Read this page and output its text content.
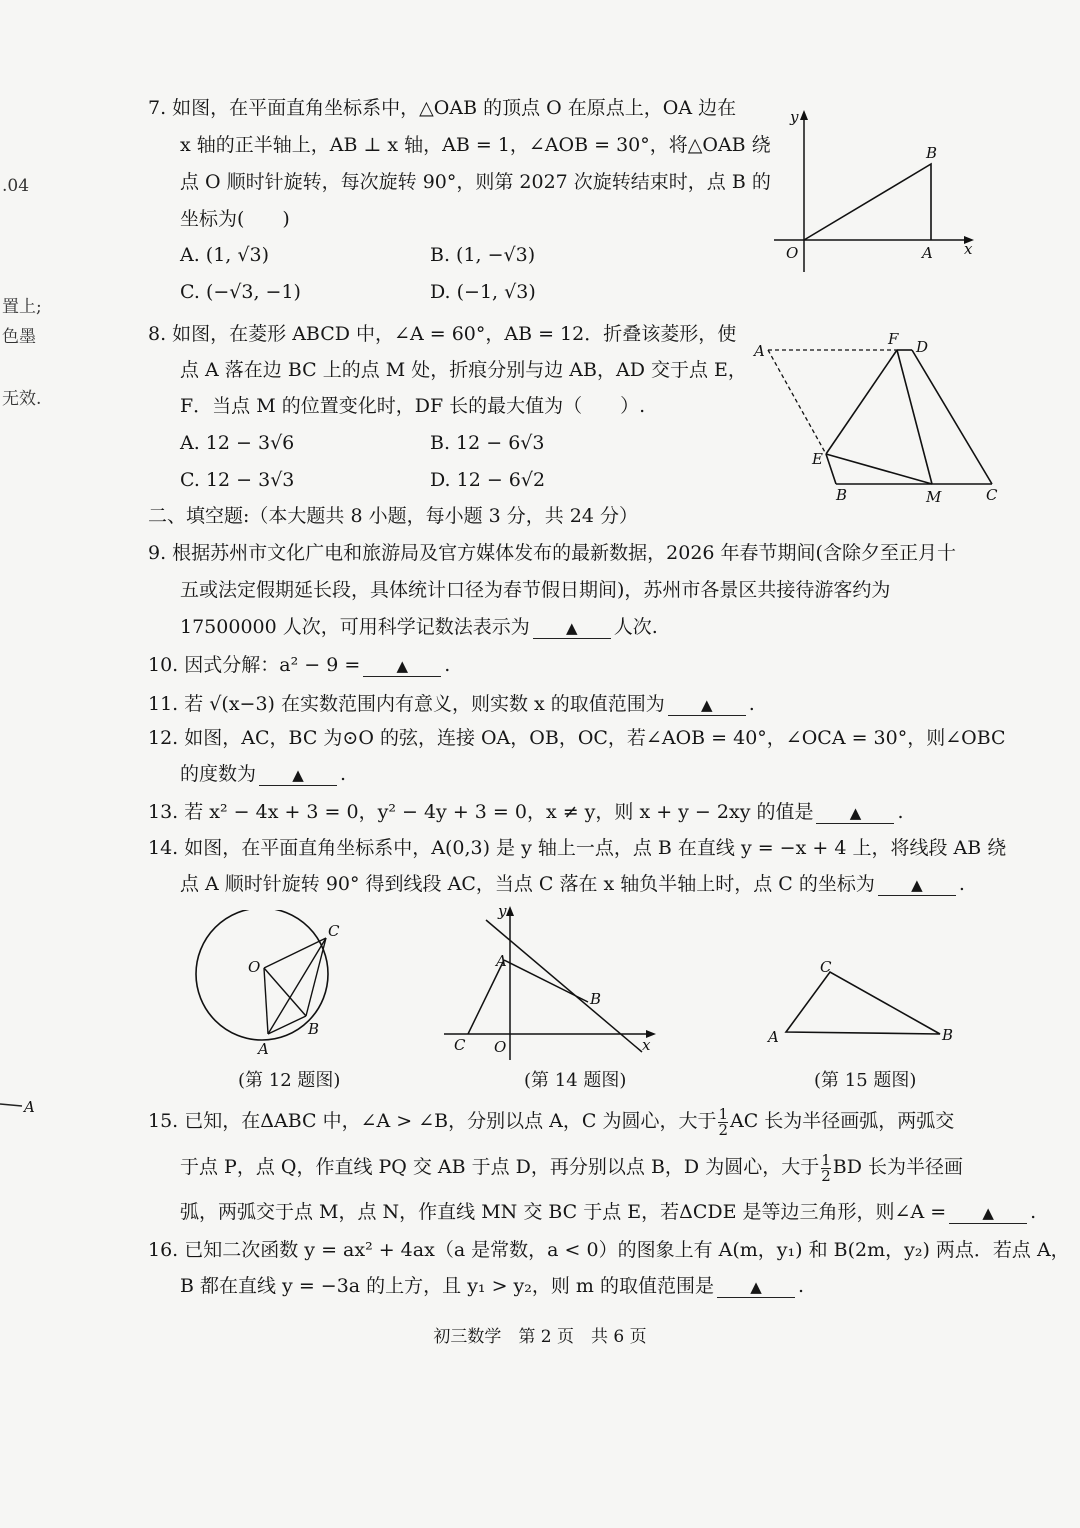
.04
置上;
色墨
无效.
A
7. 如图，在平面直角坐标系中，△OAB 的顶点 O 在原点上，OA 边在
x 轴的正半轴上，AB ⊥ x 轴，AB = 1，∠AOB = 30°，将△OAB 绕
点 O 顺时针旋转，每次旋转 90°，则第 2027 次旋转结束时，点 B 的
坐标为(　　)
A. (1, √3)	B. (1, −√3)
C. (−√3, −1)	D. (−1, √3)
y
x
O	A
B
8. 如图，在菱形 ABCD 中，∠A = 60°，AB = 12．折叠该菱形，使
点 A 落在边 BC 上的点 M 处，折痕分别与边 AB，AD 交于点 E，
F．当点 M 的位置变化时，DF 长的最大值为（　　）.
A. 12 − 3√6	B. 12 − 6√3
C. 12 − 3√3	D. 12 − 6√2
A
F D
E
B	M	C
二、填空题:（本大题共 8 小题，每小题 3 分，共 24 分）
9. 根据苏州市文化广电和旅游局及官方媒体发布的最新数据，2026 年春节期间(含除夕至正月十
五或法定假期延长段，具体统计口径为春节假日期间)，苏州市各景区共接待游客约为
17500000 人次，可用科学记数法表示为 ▲ 人次.
10. 因式分解：a² − 9 = ▲ .
11. 若 √(x−3) 在实数范围内有意义，则实数 x 的取值范围为 ▲ .
12. 如图，AC，BC 为⊙O 的弦，连接 OA，OB，OC，若∠AOB = 40°，∠OCA = 30°，则∠OBC
的度数为 ▲ .
13. 若 x² − 4x + 3 = 0，y² − 4y + 3 = 0，x ≠ y，则 x + y − 2xy 的值是 ▲ .
14. 如图，在平面直角坐标系中，A(0,3) 是 y 轴上一点，点 B 在直线 y = −x + 4 上，将线段 AB 绕
点 A 顺时针旋转 90° 得到线段 AC，当点 C 落在 x 轴负半轴上时，点 C 的坐标为 ▲ .
O
C
B
A
(第 12 题图)
y
A
B
C O	x
(第 14 题图)
C
A	B
(第 15 题图)
15. 已知，在ΔABC 中，∠A > ∠B，分别以点 A，C 为圆心，大于 $\frac{1}{2}$ AC 长为半径画弧，两弧交
于点 P，点 Q，作直线 PQ 交 AB 于点 D，再分别以点 B，D 为圆心，大于 $\frac{1}{2}$ BD 长为半径画
弧，两弧交于点 M，点 N，作直线 MN 交 BC 于点 E，若ΔCDE 是等边三角形，则∠A = ▲ .
16. 已知二次函数 y = ax² + 4ax（a 是常数，a < 0）的图象上有 A(m，y₁) 和 B(2m，y₂) 两点．若点 A，
B 都在直线 y = −3a 的上方，且 y₁ > y₂，则 m 的取值范围是 ▲ .
初三数学　第 2 页　共 6 页
